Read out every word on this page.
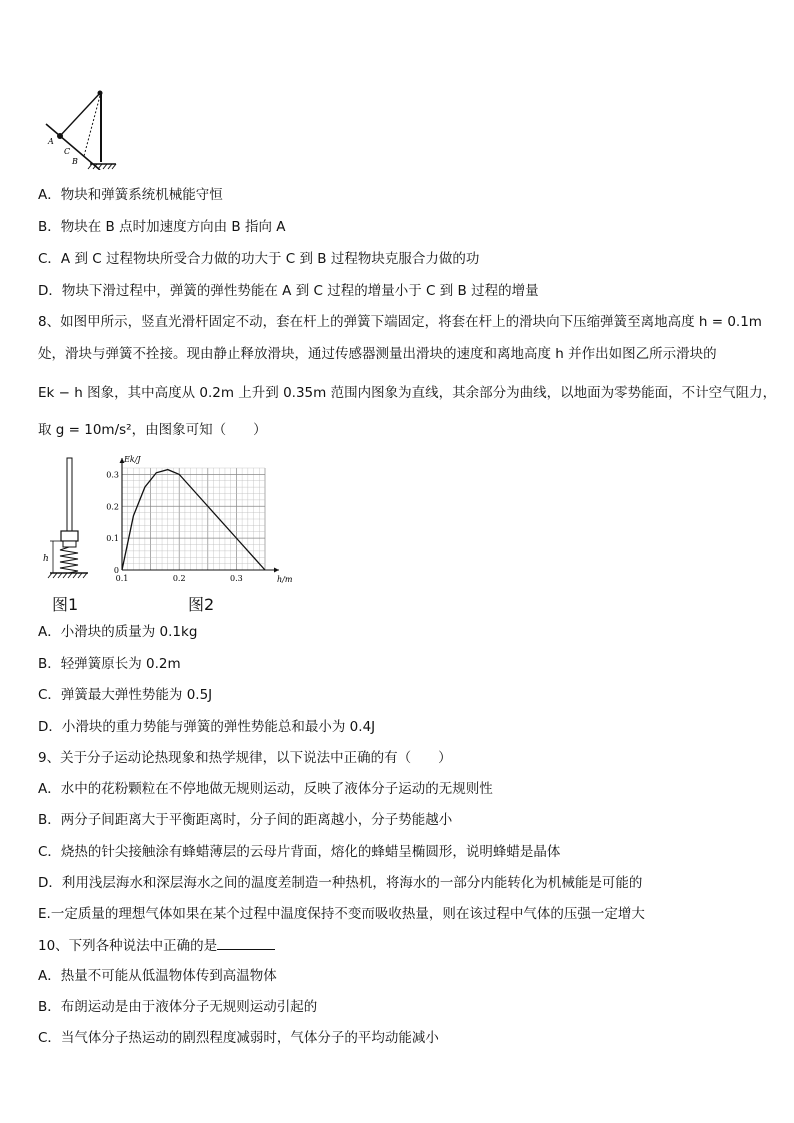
A
C
B
A．物块和弹簧系统机械能守恒
B．物块在 B 点时加速度方向由 B 指向 A
C．A 到 C 过程物块所受合力做的功大于 C 到 B 过程物块克服合力做的功
D．物块下滑过程中，弹簧的弹性势能在 A 到 C 过程的增量小于 C 到 B 过程的增量
8、如图甲所示，竖直光滑杆固定不动，套在杆上的弹簧下端固定，将套在杆上的滑块向下压缩弹簧至离地高度 h = 0.1m
处，滑块与弹簧不拴接。现由静止释放滑块，通过传感器测量出滑块的速度和离地高度 h 并作出如图乙所示滑块的
Ek − h 图象，其中高度从 0.2m 上升到 0.35m 范围内图象为直线，其余部分为曲线，以地面为零势能面，不计空气阻力，
取 g = 10m/s²，由图象可知（　　）
h
图1
0.1	0.2	0.3
0
0.1
0.2
0.3
Ek/J
h/m
图2
A．小滑块的质量为 0.1kg
B．轻弹簧原长为 0.2m
C．弹簧最大弹性势能为 0.5J
D．小滑块的重力势能与弹簧的弹性势能总和最小为 0.4J
9、关于分子运动论热现象和热学规律，以下说法中正确的有（　　）
A．水中的花粉颗粒在不停地做无规则运动，反映了液体分子运动的无规则性
B．两分子间距离大于平衡距离时，分子间的距离越小，分子势能越小
C．烧热的针尖接触涂有蜂蜡薄层的云母片背面，熔化的蜂蜡呈椭圆形，说明蜂蜡是晶体
D．利用浅层海水和深层海水之间的温度差制造一种热机，将海水的一部分内能转化为机械能是可能的
E.一定质量的理想气体如果在某个过程中温度保持不变而吸收热量，则在该过程中气体的压强一定增大
10、下列各种说法中正确的是
A．热量不可能从低温物体传到高温物体
B．布朗运动是由于液体分子无规则运动引起的
C．当气体分子热运动的剧烈程度减弱时，气体分子的平均动能减小
